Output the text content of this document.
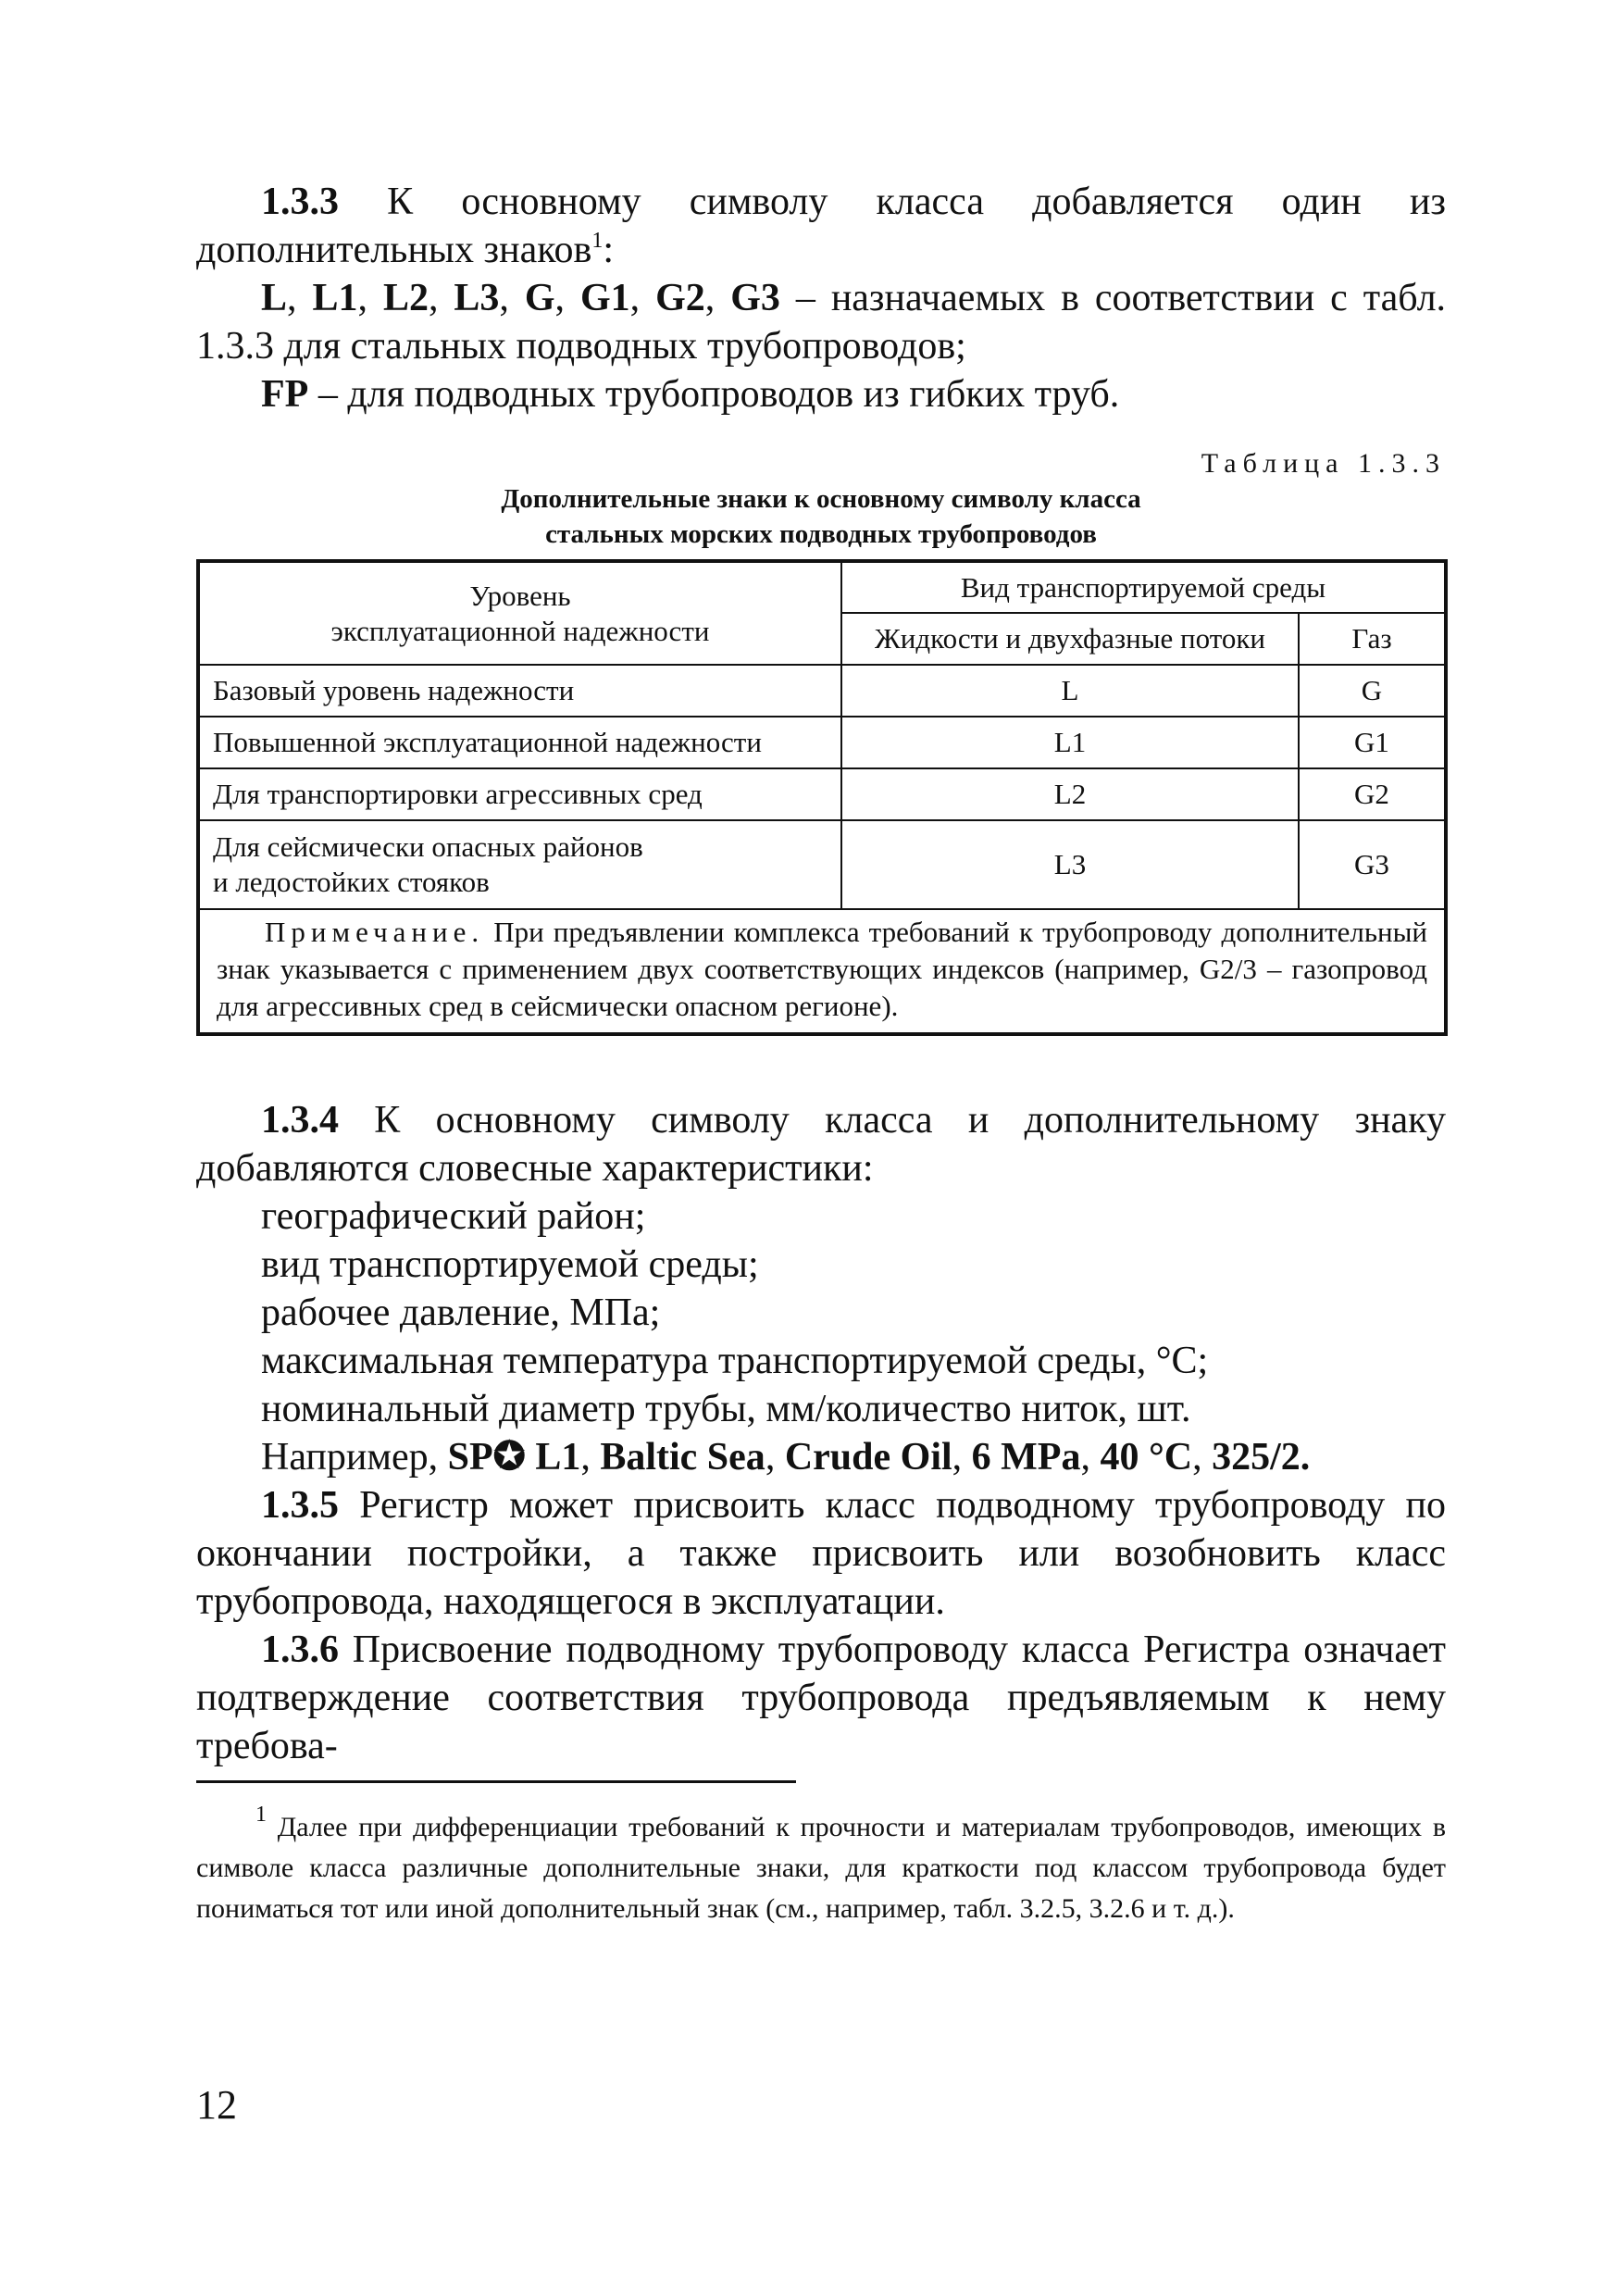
1.3.3 К основному символу класса добавляется один из дополнительных знаков$^1$:

L, L1, L2, L3, G, G1, G2, G3 – назначаемых в соответствии с табл. 1.3.3 для стальных подводных трубопроводов;

FP – для подводных трубопроводов из гибких труб.

Таблица 1.3.3

Дополнительные знаки к основному символу класса
стальных морских подводных трубопроводов

Уровень
эксплуатационной надежности	Вид транспортируемой среды	
	Жидкости и двухфазные потоки	Газ
Базовый уровень надежности	L	G
Повышенной эксплуатационной надежности	L1	G1
Для транспортировки агрессивных сред	L2	G2
Для сейсмически опасных районов
и ледостойких стояков	L3	G3
Примечание. При предъявлении комплекса требований к трубопроводу дополнительный знак указывается с применением двух соответствующих индексов (например, G2/3 – газопровод для агрессивных сред в сейсмически опасном регионе).		

1.3.4 К основному символу класса и дополнительному знаку добавляются словесные характеристики:

географический район;

вид транспортируемой среды;

рабочее давление, МПа;

максимальная температура транспортируемой среды, °С;

номинальный диаметр трубы, мм/количество ниток, шт.

Например, SP✪ L1, Baltic Sea, Crude Oil, 6 MPa, 40 °С, 325/2.

1.3.5 Регистр может присвоить класс подводному трубопроводу по окончании постройки, а также присвоить или возобновить класс трубопровода, находящегося в эксплуатации.

1.3.6 Присвоение подводному трубопроводу класса Регистра означает подтверждение соответствия трубопровода предъявляемым к нему требова-

$^1$ Далее при дифференциации требований к прочности и материалам трубопроводов, имеющих в символе класса различные дополнительные знаки, для краткости под классом трубопровода будет пониматься тот или иной дополнительный знак (см., например, табл. 3.2.5, 3.2.6 и т. д.).

12
